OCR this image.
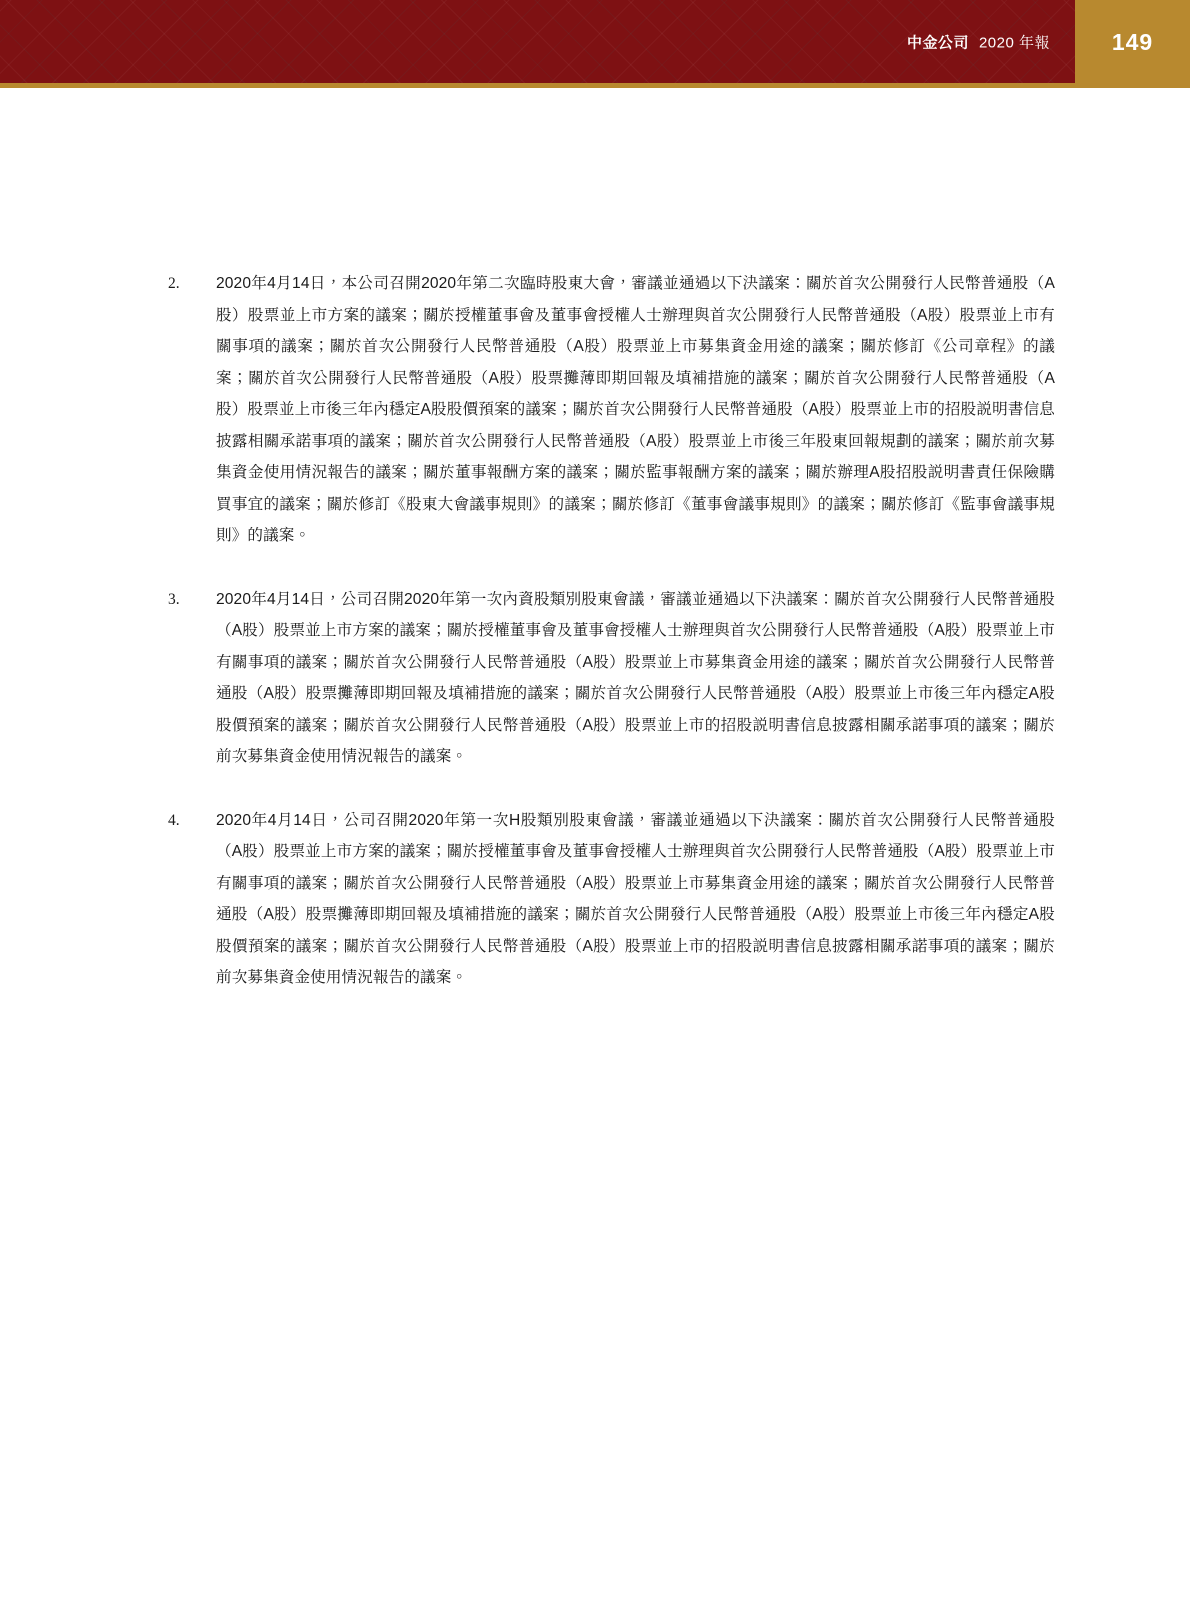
中金公司 2020 年報	149
2.	2020年4月14日，本公司召開2020年第二次臨時股東大會，審議並通過以下決議案：關於首次公開發行人民幣普通股（A股）股票並上市方案的議案；關於授權董事會及董事會授權人士辦理與首次公開發行人民幣普通股（A股）股票並上市有關事項的議案；關於首次公開發行人民幣普通股（A股）股票並上市募集資金用途的議案；關於修訂《公司章程》的議案；關於首次公開發行人民幣普通股（A股）股票攤薄即期回報及填補措施的議案；關於首次公開發行人民幣普通股（A股）股票並上市後三年內穩定A股股價預案的議案；關於首次公開發行人民幣普通股（A股）股票並上市的招股説明書信息披露相關承諾事項的議案；關於首次公開發行人民幣普通股（A股）股票並上市後三年股東回報規劃的議案；關於前次募集資金使用情況報告的議案；關於董事報酬方案的議案；關於監事報酬方案的議案；關於辦理A股招股説明書責任保險購買事宜的議案；關於修訂《股東大會議事規則》的議案；關於修訂《董事會議事規則》的議案；關於修訂《監事會議事規則》的議案。
3.	2020年4月14日，公司召開2020年第一次內資股類別股東會議，審議並通過以下決議案：關於首次公開發行人民幣普通股（A股）股票並上市方案的議案；關於授權董事會及董事會授權人士辦理與首次公開發行人民幣普通股（A股）股票並上市有關事項的議案；關於首次公開發行人民幣普通股（A股）股票並上市募集資金用途的議案；關於首次公開發行人民幣普通股（A股）股票攤薄即期回報及填補措施的議案；關於首次公開發行人民幣普通股（A股）股票並上市後三年內穩定A股股價預案的議案；關於首次公開發行人民幣普通股（A股）股票並上市的招股説明書信息披露相關承諾事項的議案；關於前次募集資金使用情況報告的議案。
4.	2020年4月14日，公司召開2020年第一次H股類別股東會議，審議並通過以下決議案：關於首次公開發行人民幣普通股（A股）股票並上市方案的議案；關於授權董事會及董事會授權人士辦理與首次公開發行人民幣普通股（A股）股票並上市有關事項的議案；關於首次公開發行人民幣普通股（A股）股票並上市募集資金用途的議案；關於首次公開發行人民幣普通股（A股）股票攤薄即期回報及填補措施的議案；關於首次公開發行人民幣普通股（A股）股票並上市後三年內穩定A股股價預案的議案；關於首次公開發行人民幣普通股（A股）股票並上市的招股説明書信息披露相關承諾事項的議案；關於前次募集資金使用情況報告的議案。
